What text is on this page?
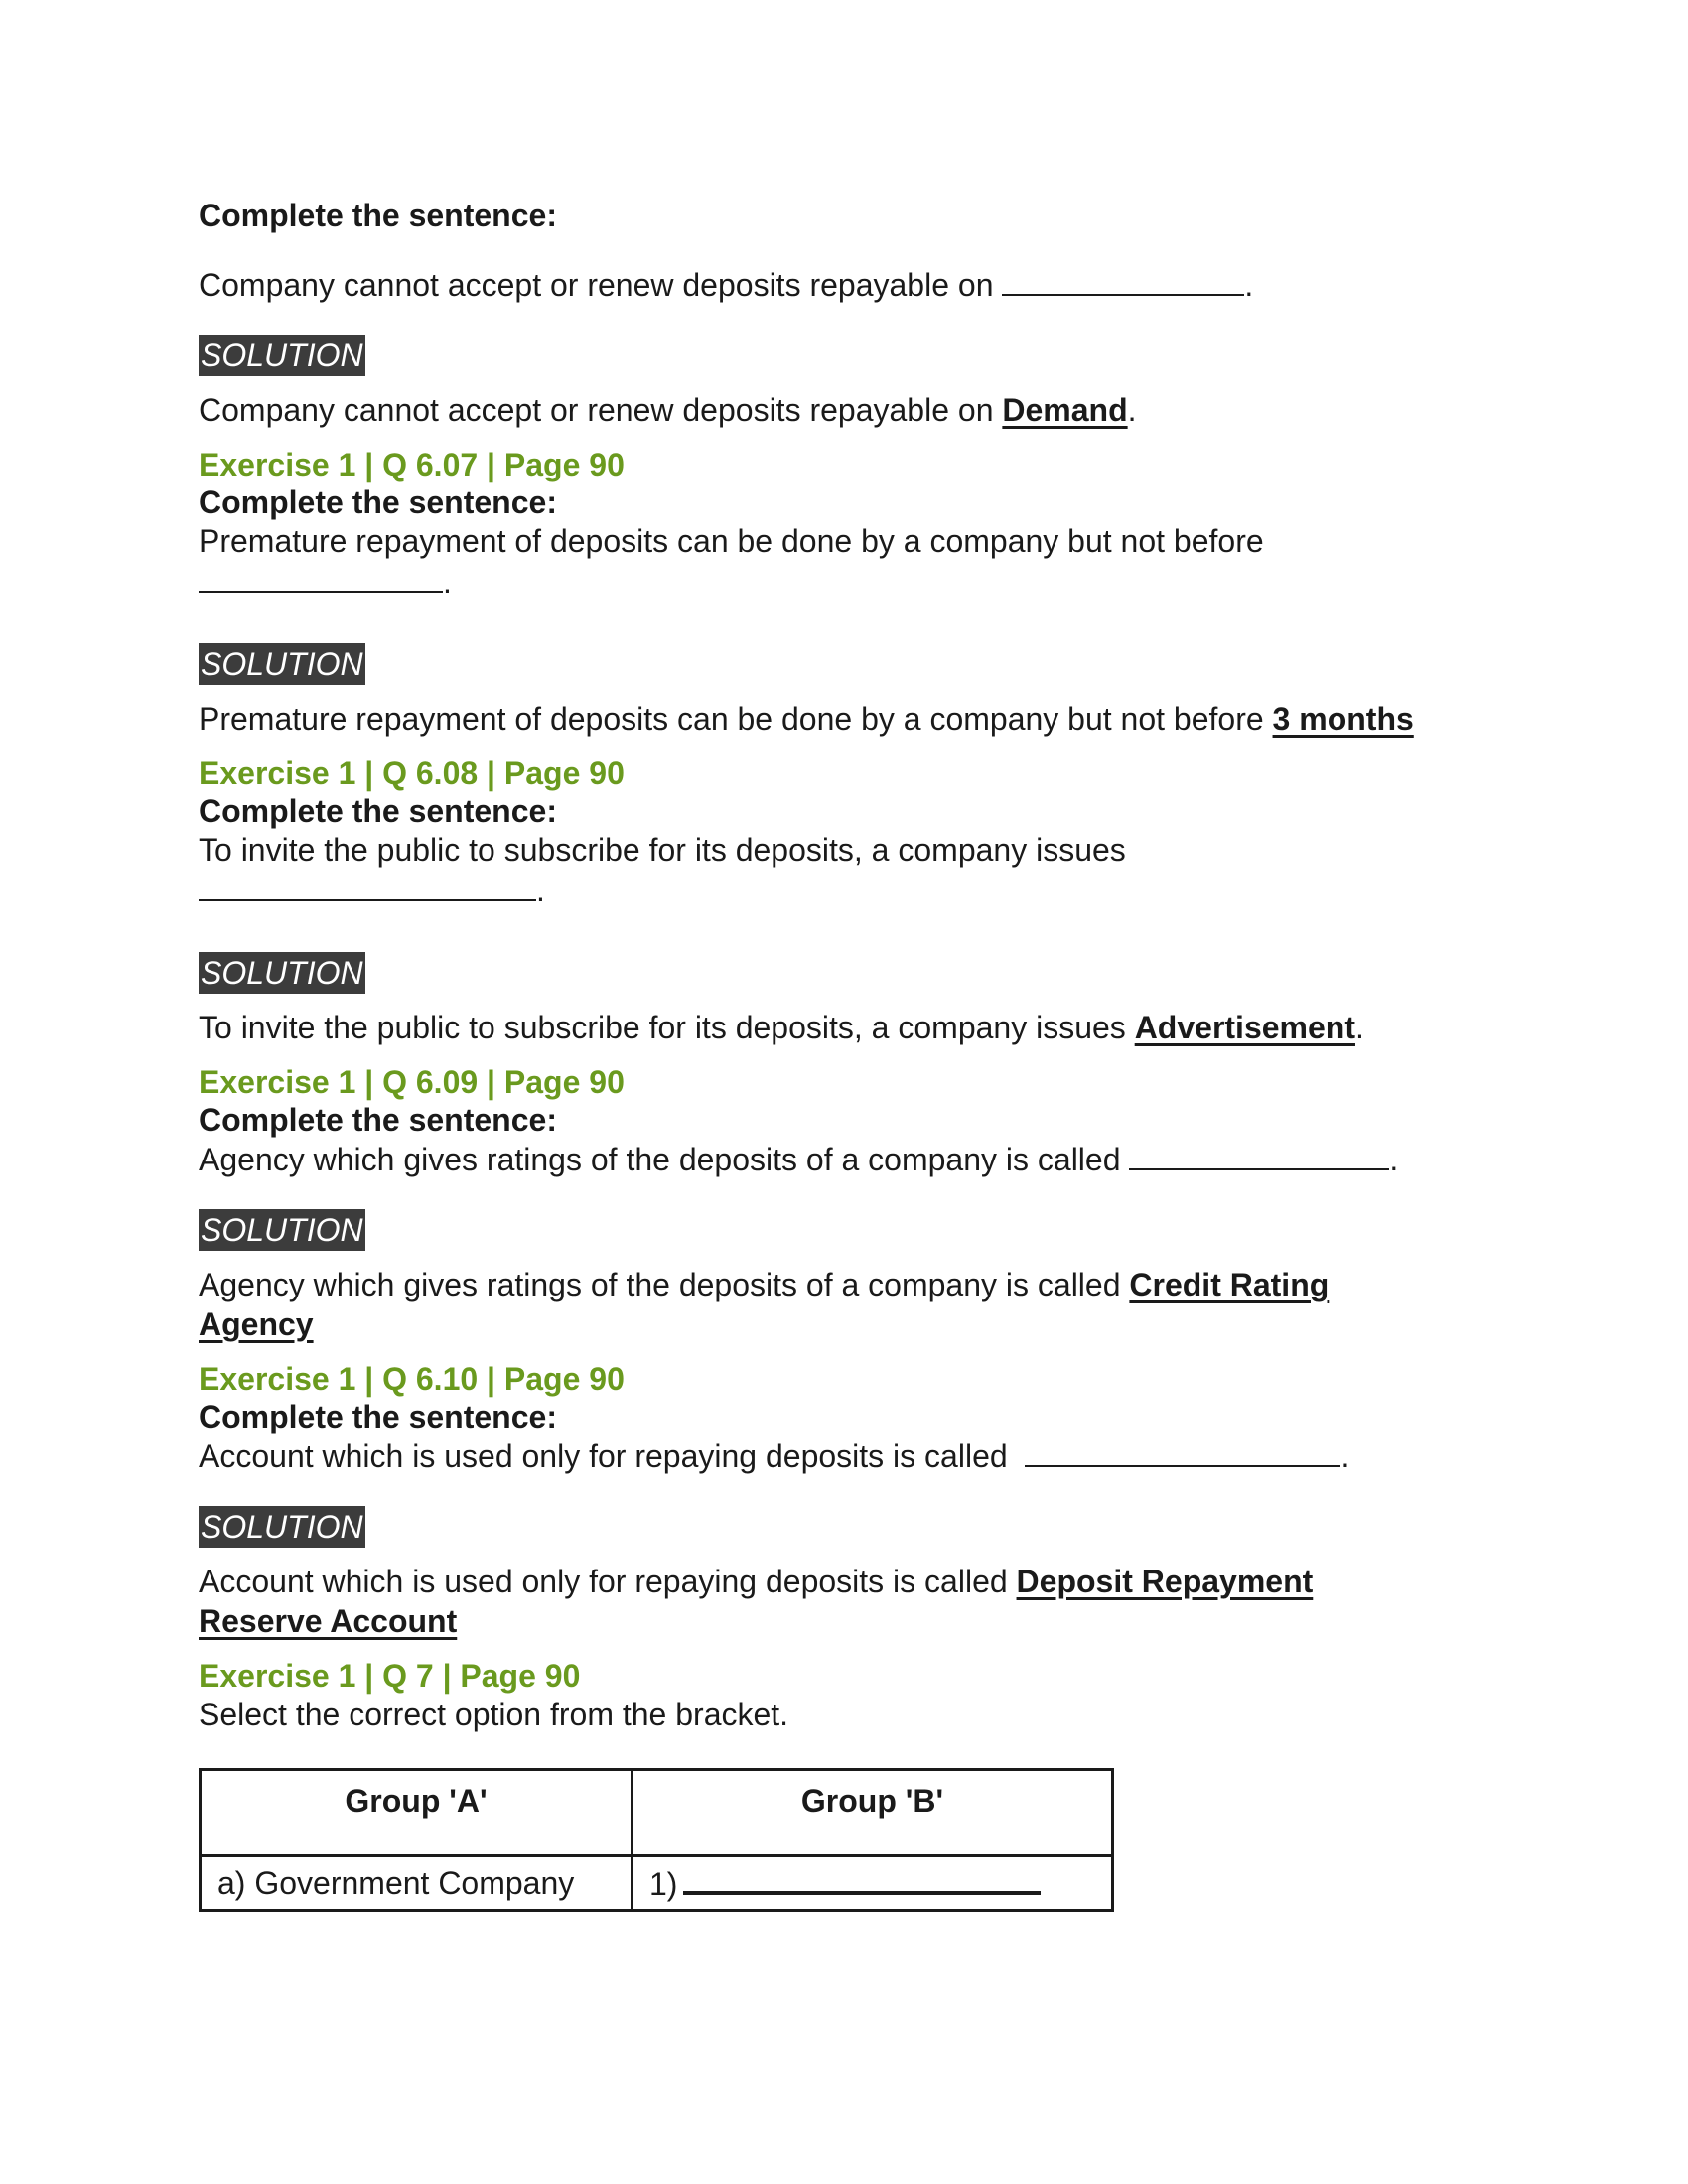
Complete the sentence:

Company cannot accept or renew deposits repayable on	.

SOLUTION

Company cannot accept or renew deposits repayable on Demand.

Exercise 1 | Q 6.07 | Page 90

Complete the sentence:

Premature repayment of deposits can be done by a company but not before
.

SOLUTION

Premature repayment of deposits can be done by a company but not before 3 months

Exercise 1 | Q 6.08 | Page 90

Complete the sentence:

To invite the public to subscribe for its deposits, a company issues
.

SOLUTION

To invite the public to subscribe for its deposits, a company issues Advertisement.

Exercise 1 | Q 6.09 | Page 90

Complete the sentence:

Agency which gives ratings of the deposits of a company is called	.

SOLUTION

Agency which gives ratings of the deposits of a company is called Credit Rating Agency

Exercise 1 | Q 6.10 | Page 90

Complete the sentence:

Account which is used only for repaying deposits is called	.

SOLUTION

Account which is used only for repaying deposits is called Deposit Repayment Reserve Account

Exercise 1 | Q 7 | Page 90

Select the correct option from the bracket.

Group 'A'	Group 'B'
a) Government Company	1)
